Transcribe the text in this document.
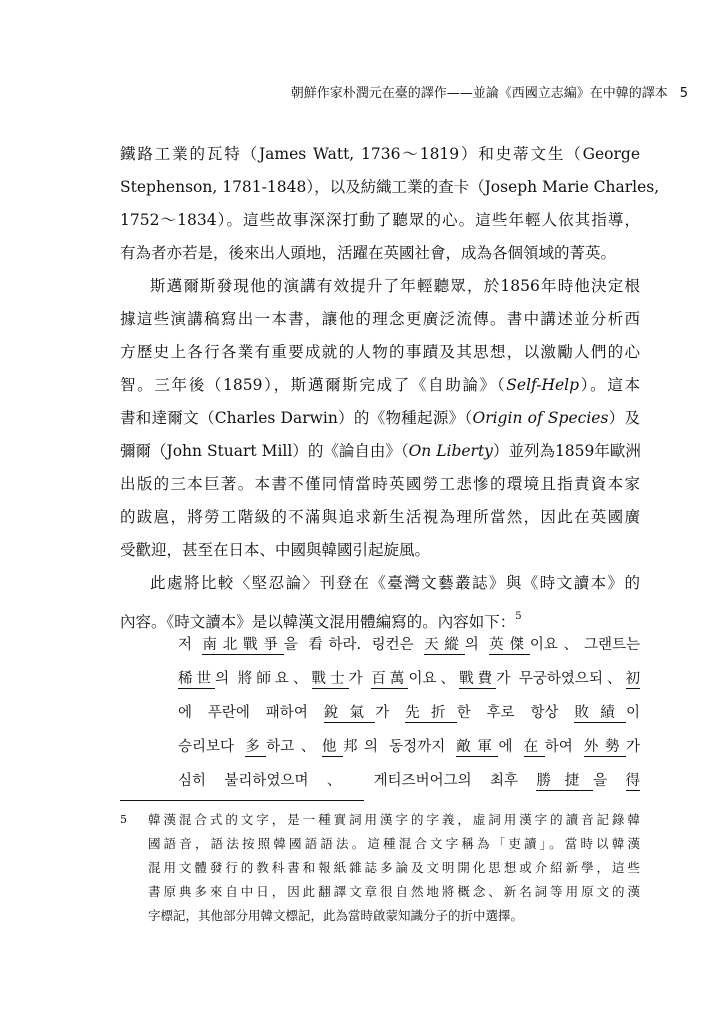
朝鮮作家朴潤元在臺的譯作——並論《西國立志編》在中韓的譯本 5
鐵路工業的瓦特（James Watt, 1736～1819）和史蒂文生（George
Stephenson, 1781-1848），以及紡織工業的查卡（Joseph Marie Charles,
1752～1834）。這些故事深深打動了聽眾的心。這些年輕人依其指導，
有為者亦若是，後來出人頭地，活躍在英國社會，成為各個領域的菁英。
斯邁爾斯發現他的演講有效提升了年輕聽眾，於1856年時他決定根
據這些演講稿寫出一本書，讓他的理念更廣泛流傳。書中講述並分析西
方歷史上各行各業有重要成就的人物的事蹟及其思想，以激勵人們的心
智。三年後（1859），斯邁爾斯完成了《自助論》（Self-Help）。這本
書和達爾文（Charles Darwin）的《物種起源》（Origin of Species）及
彌爾（John Stuart Mill）的《論自由》（On Liberty）並列為1859年歐洲
出版的三本巨著。本書不僅同情當時英國勞工悲慘的環境且指責資本家
的跋扈，將勞工階級的不滿與追求新生活視為理所當然，因此在英國廣
受歡迎，甚至在日本、中國與韓國引起旋風。
此處將比較〈堅忍論〉刊登在《臺灣文藝叢誌》與《時文讀本》的
內容。《時文讀本》是以韓漢文混用體編寫的。內容如下：$^5$
저 南北戰爭을 看하라. 링컨은 天縱의 英傑이요、그랜트는
稀世의 將師요、戰士가 百萬이요、戰費가 무궁하였으되、初
에 푸란에 패하여 銳氣가 先折한 후로 항상 敗績이
승리보다 多하고、他邦의 동정까지 敵軍에 在하여 外勢가
심히 불리하였으며 、 게티즈버어그의 최후 勝捷을 得
5 韓漢混合式的文字，是一種實詞用漢字的字義，虛詞用漢字的讀音記錄韓
國語音，語法按照韓國語語法。這種混合文字稱為「吏讀」。當時以韓漢
混用文體發行的教科書和報紙雜誌多論及文明開化思想或介紹新學，這些
書原典多來自中日，因此翻譯文章很自然地將概念、新名詞等用原文的漢
字標記，其他部分用韓文標記，此為當時啟蒙知識分子的折中選擇。
